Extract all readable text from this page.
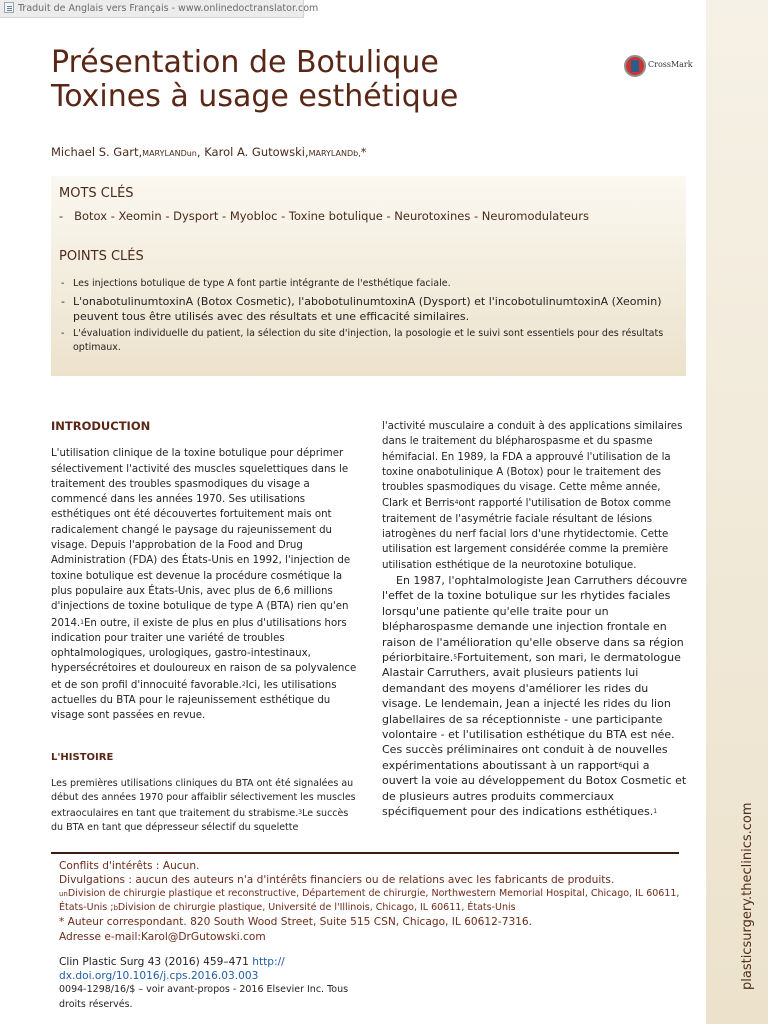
Traduit de Anglais vers Français - www.onlinedoctranslator.com
plasticsurgery.theclinics.com
Présentation de Botulique
Toxines à usage esthétique
CrossMark
Michael S. Gart,MARYLANDun, Karol A. Gutowski,MARYLANDb,*
MOTS CLÉS
- Botox - Xeomin - Dysport - Myobloc - Toxine botulique - Neurotoxines - Neuromodulateurs
POINTS CLÉS
- Les injections botulique de type A font partie intégrante de l'esthétique faciale.
- L'onabotulinumtoxinA (Botox Cosmetic), l'abobotulinumtoxinA (Dysport) et l'incobotulinumtoxinA (Xeomin) peuvent tous être utilisés avec des résultats et une efficacité similaires.
- L'évaluation individuelle du patient, la sélection du site d'injection, la posologie et le suivi sont essentiels pour des résultats optimaux.
INTRODUCTION

L'utilisation clinique de la toxine botulique pour déprimer sélectivement l'activité des muscles squelettiques dans le traitement des troubles spasmodiques du visage a commencé dans les années 1970. Ses utilisations esthétiques ont été découvertes fortuitement mais ont radicalement changé le paysage du rajeunissement du visage. Depuis l'approbation de la Food and Drug Administration (FDA) des États-Unis en 1992, l'injection de toxine botulique est devenue la procédure cosmétique la plus populaire aux États-Unis, avec plus de 6,6 millions d'injections de toxine botulique de type A (BTA) rien qu'en 2014.$^1$En outre, il existe de plus en plus d'utilisations hors indication pour traiter une variété de troubles ophtalmologiques, urologiques, gastro-intestinaux, hypersécrétoires et douloureux en raison de sa polyvalence et de son profil d'innocuité favorable.$^2$Ici, les utilisations actuelles du BTA pour le rajeunissement esthétique du visage sont passées en revue.

L'HISTOIRE

Les premières utilisations cliniques du BTA ont été signalées au début des années 1970 pour affaiblir sélectivement les muscles extraoculaires en tant que traitement du strabisme.$^3$Le succès du BTA en tant que dépresseur sélectif du squelette

l'activité musculaire a conduit à des applications similaires dans le traitement du blépharospasme et du spasme hémifacial. En 1989, la FDA a approuvé l'utilisation de la toxine onabotulinique A (Botox) pour le traitement des troubles spasmodiques du visage. Cette même année, Clark et Berris$^4$ont rapporté l'utilisation de Botox comme traitement de l'asymétrie faciale résultant de lésions iatrogènes du nerf facial lors d'une rhytidectomie. Cette utilisation est largement considérée comme la première utilisation esthétique de la neurotoxine botulique.

En 1987, l'ophtalmologiste Jean Carruthers découvre l'effet de la toxine botulique sur les rhytides faciales lorsqu'une patiente qu'elle traite pour un blépharospasme demande une injection frontale en raison de l'amélioration qu'elle observe dans sa région périorbitaire.$^5$Fortuitement, son mari, le dermatologue Alastair Carruthers, avait plusieurs patients lui demandant des moyens d'améliorer les rides du visage. Le lendemain, Jean a injecté les rides du lion glabellaires de sa réceptionniste - une participante volontaire - et l'utilisation esthétique du BTA est née. Ces succès préliminaires ont conduit à de nouvelles expérimentations aboutissant à un rapport$^6$qui a ouvert la voie au développement du Botox Cosmetic et de plusieurs autres produits commerciaux spécifiquement pour des indications esthétiques.$^1$

Conflits d'intérêts : Aucun.

Divulgations : aucun des auteurs n'a d'intérêts financiers ou de relations avec les fabricants de produits.

unDivision de chirurgie plastique et reconstructive, Département de chirurgie, Northwestern Memorial Hospital, Chicago, IL 60611, États-Unis ;bDivision de chirurgie plastique, Université de l'Illinois, Chicago, IL 60611, États-Unis

* Auteur correspondant. 820 South Wood Street, Suite 515 CSN, Chicago, IL 60612-7316.

Adresse e-mail:Karol@DrGutowski.com

Clin Plastic Surg 43 (2016) 459–471 http://

dx.doi.org/10.1016/j.cps.2016.03.003

0094-1298/16/$ – voir avant-propos - 2016 Elsevier Inc. Tous droits réservés.
